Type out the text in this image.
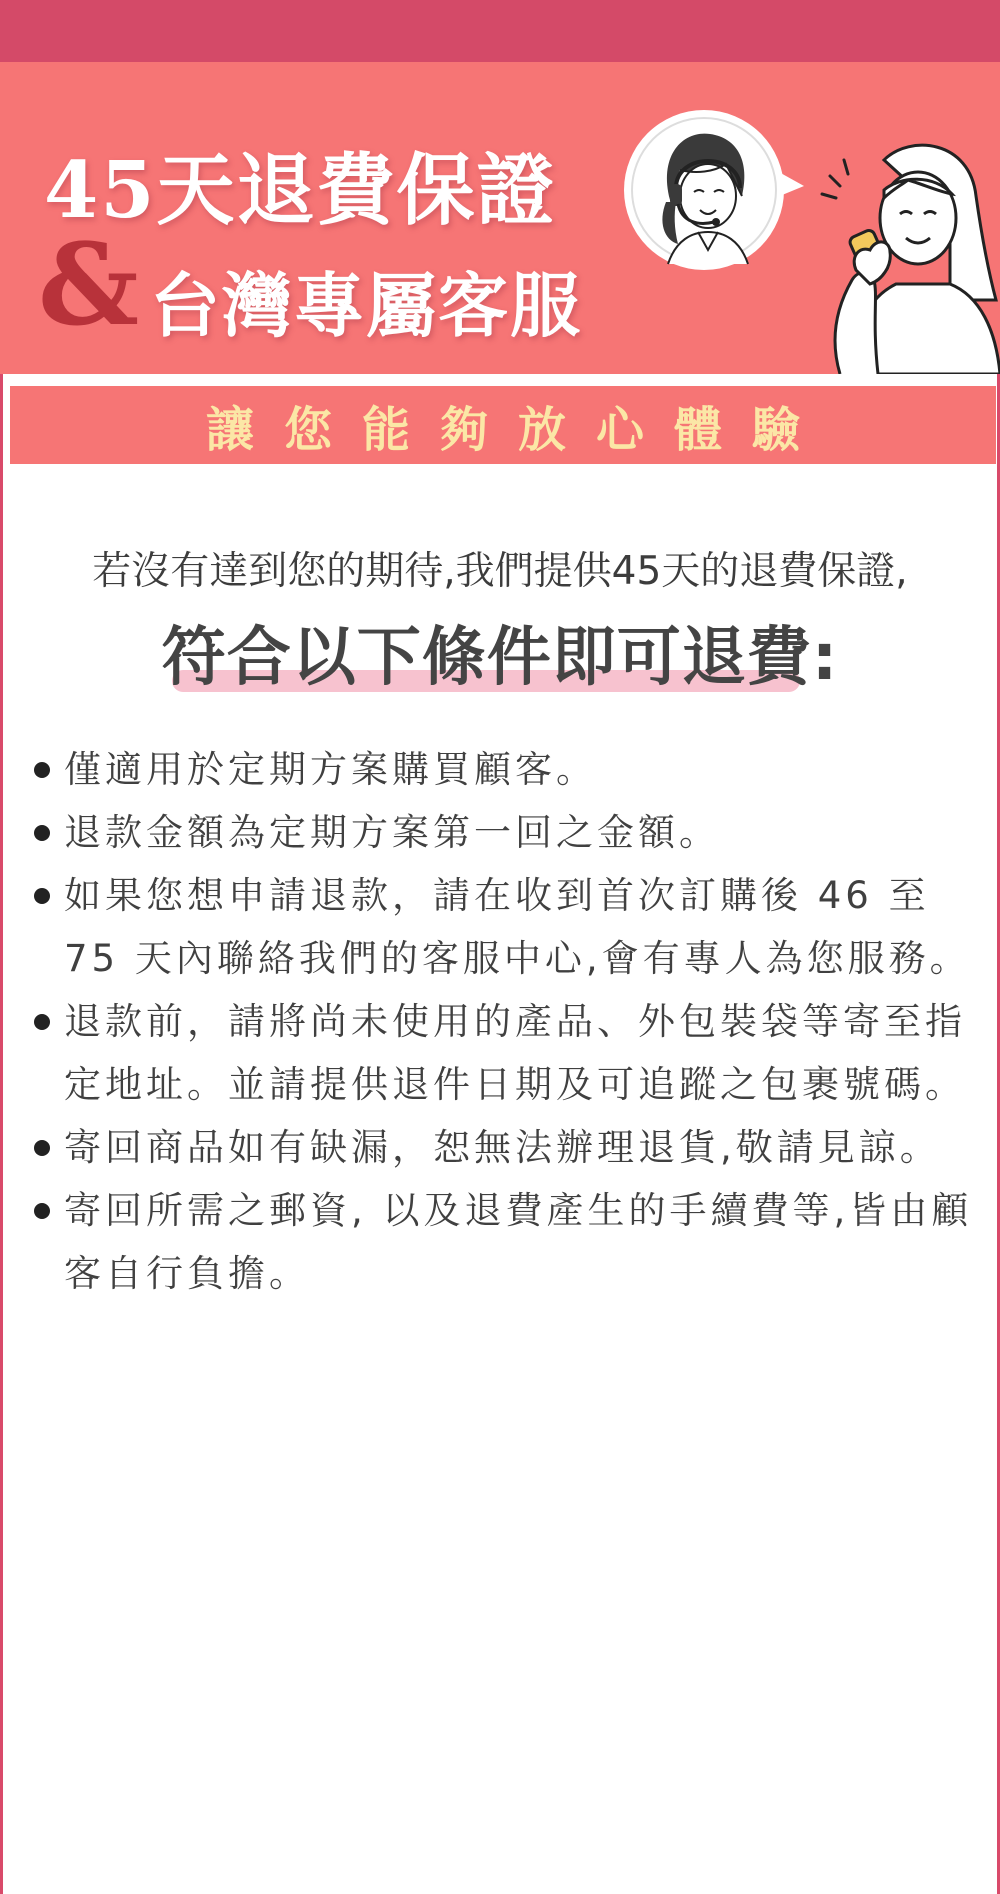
45天退費保證
& 台灣專屬客服
讓您能夠放心體驗
若沒有達到您的期待,我們提供45天的退費保證,
符合以下條件即可退費:
僅適用於定期方案購買顧客。
退款金額為定期方案第一回之金額。
如果您想申請退款，請在收到首次訂購後 46 至 75 天內聯絡我們的客服中心,會有專人為您服務。
退款前，請將尚未使用的產品、外包裝袋等寄至指定地址。並請提供退件日期及可追蹤之包裹號碼。
寄回商品如有缺漏，恕無法辦理退貨,敬請見諒。
寄回所需之郵資, 以及退費產生的手續費等,皆由顧客自行負擔。
